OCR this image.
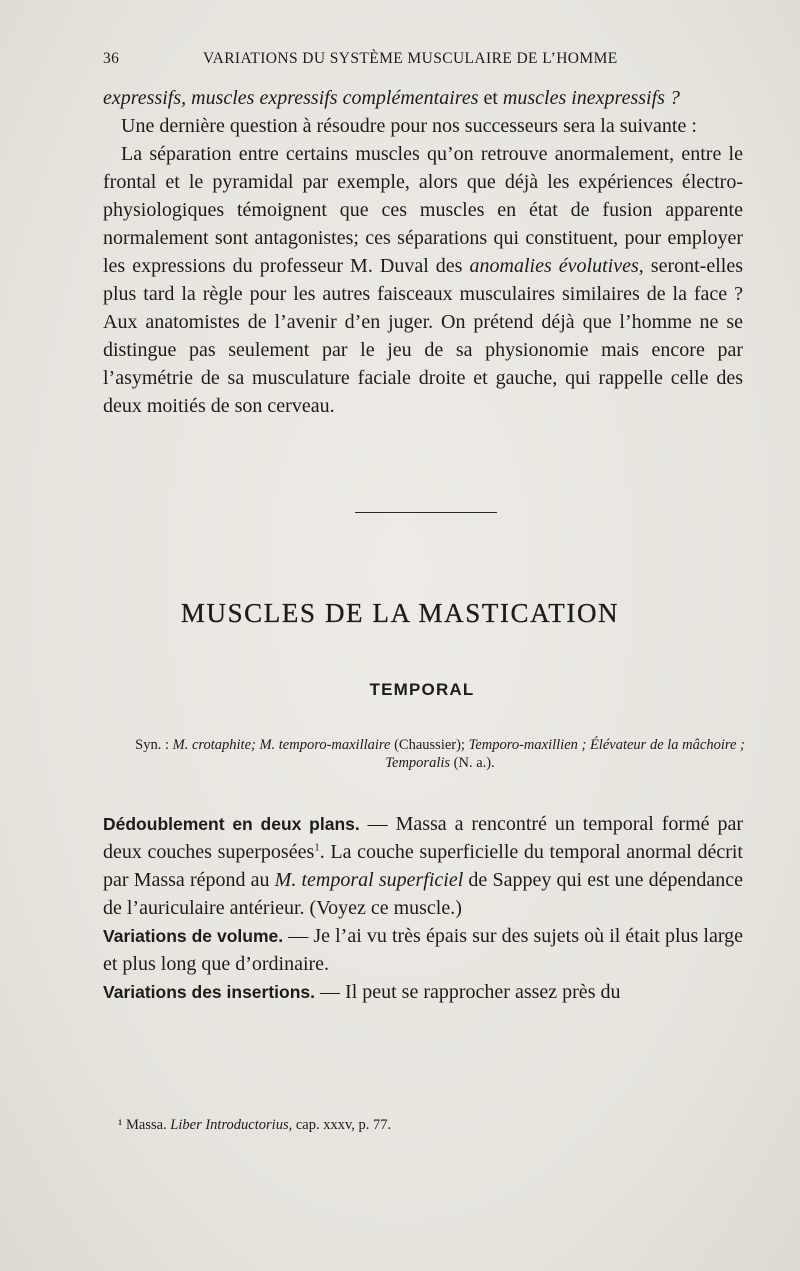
36	VARIATIONS DU SYSTÈME MUSCULAIRE DE L’HOMME

expressifs, muscles expressifs complémentaires et muscles inexpressifs ?

Une dernière question à résoudre pour nos successeurs sera la suivante :

La séparation entre certains muscles qu’on retrouve anormalement, entre le frontal et le pyramidal par exemple, alors que déjà les expériences électro-physiologiques témoignent que ces muscles en état de fusion apparente normalement sont antagonistes; ces séparations qui constituent, pour employer les expressions du professeur M. Duval des anomalies évolutives, seront-elles plus tard la règle pour les autres faisceaux musculaires similaires de la face ? Aux anatomistes de l’avenir d’en juger. On prétend déjà que l’homme ne se distingue pas seulement par le jeu de sa physionomie mais encore par l’asymétrie de sa musculature faciale droite et gauche, qui rappelle celle des deux moitiés de son cerveau.

MUSCLES DE LA MASTICATION
TEMPORAL
Syn. : M. crotaphite; M. temporo-maxillaire (Chaussier); Temporo-maxillien ; Élévateur de la mâchoire ; Temporalis (N. a.).

Dédoublement en deux plans. — Massa a rencontré un temporal formé par deux couches superposées$^1$. La couche superficielle du temporal anormal décrit par Massa répond au M. temporal superficiel de Sappey qui est une dépendance de l’auriculaire antérieur. (Voyez ce muscle.)

Variations de volume. — Je l’ai vu très épais sur des sujets où il était plus large et plus long que d’ordinaire.

Variations des insertions. — Il peut se rapprocher assez près du

¹ Massa. Liber Introductorius, cap. xxxv, p. 77.
